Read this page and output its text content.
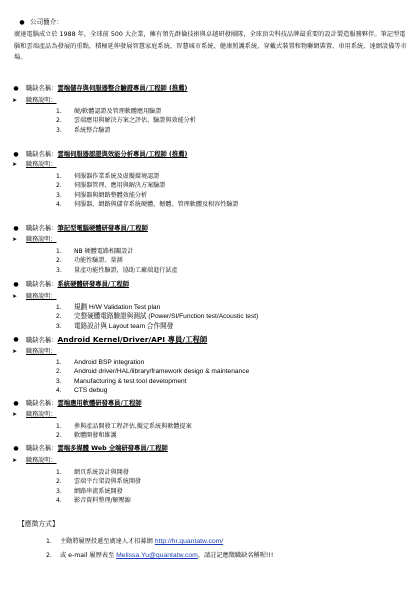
● 公司簡介：
廣達電腦成立於 1988 年，全球前 500 大企業，擁有領先群倫技術與卓越研發團隊，全球頂尖科技品牌最重要的設計製造服務夥伴。筆記型電腦和雲端產品為發展的重點，積極延伸發展智慧家庭系統、智慧城市系統、健康照護系統、穿戴式裝置和物聯網裝置、車用系統、達網設備等市場。
● 職缺名稱：雲端儲存與伺服器整合驗證專員/工程師 (推薦)
➤ 職務說明：
1. 硬/軟體認證及管理軟體應用驗證
2. 雲端應用與解決方案之評估、驗證與效能分析
3. 系統整合驗證
● 職缺名稱：雲端伺服器認證與效能分析專員/工程師 (推薦)
➤ 職務說明：
1. 伺服器作業系統及虛擬環境認證
2. 伺服器管理、應用與解決方案驗證
3. 伺服器與網路整體效能分析
4. 伺服器、網路與儲存系統硬體、韌體、管理軟體及相容性驗證
● 職缺名稱：筆記型電腦硬體研發專員/工程師
➤ 職務說明：
1. NB 硬體電路相關設計
2. 功能性驗證、量測
3. 量產功能性驗證，協助工廠端進行試產
● 職缺名稱：系統硬體研發專員/工程師
➤ 職務說明：
1. 規劃 H/W Validation Test plan
2. 完整硬體電路驗證與測試 (Power/SI/Function test/Acoustic test)
3. 電路設計與 Layout team 合作開發
● 職缺名稱：Android Kernel/Driver/API 專員/工程師
➤ 職務說明：
1. Android BSP integration
2. Android driver/HAL/library/framework design & maintenance
3. Manufacturing & test tool development
4. CTS debug
● 職缺名稱：雲端應用軟體研發專員/工程師
➤ 職務說明：
1. 參與產品開發工程評估,擬定系統與軟體提案
2. 軟體開發和維護
● 職缺名稱：雲端多媒體 Web 全端研發專員/工程師
➤ 職務說明：
1. 網頁系統設計與開發
2. 雲端平台架設與系統開發
3. 網路串流系統開發
4. 影音資料整理/解壓縮
【應徵方式】
1. 主動將履歷投遞至廣達人才招募網 http://hr.quantatw.com/
2. 或 e-mail 履歷表至 Melissa.Yu@quantatw.com，請註記應徵職缺名稱喔!!!
